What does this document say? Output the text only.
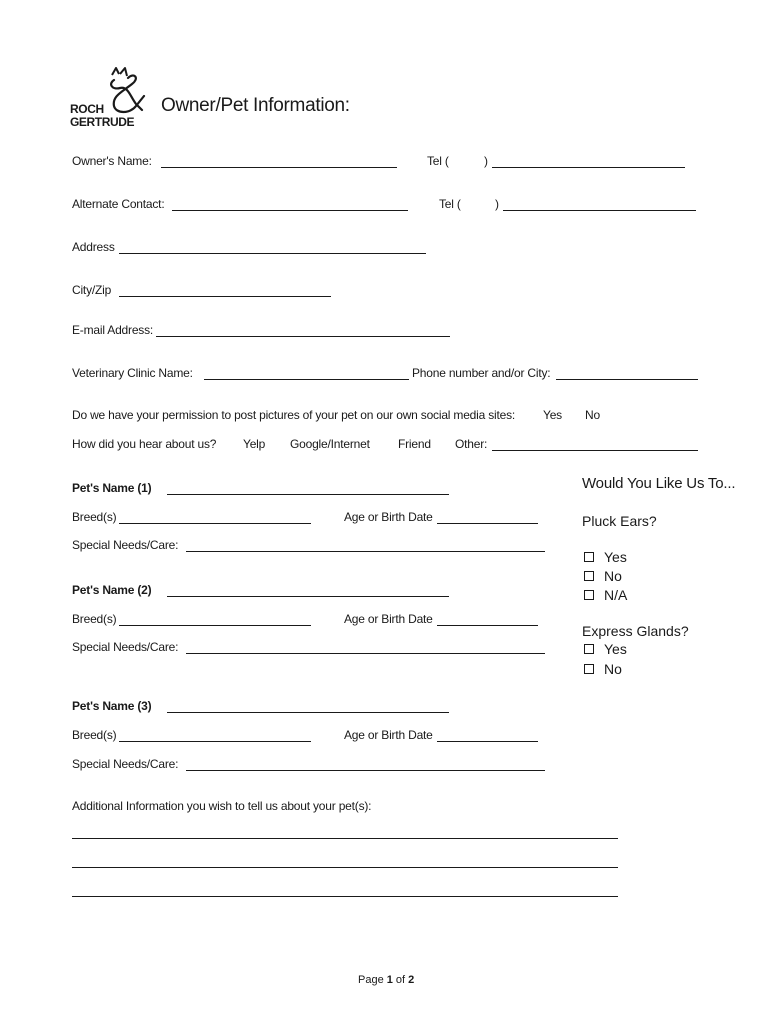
ROCH
GERTRUDE
Owner/Pet Information:
Owner's Name:	Tel (	)
Alternate Contact:	Tel (	)
Address
City/Zip
E-mail Address:
Veterinary Clinic Name:	Phone number and/or City:
Do we have your permission to post pictures of your pet on our own social media sites: Yes No
How did you hear about us? Yelp Google/Internet Friend Other:
Pet's Name (1)
Breed(s)	Age or Birth Date
Special Needs/Care:
Pet's Name (2)
Breed(s)	Age or Birth Date
Special Needs/Care:
Pet's Name (3)
Breed(s)	Age or Birth Date
Special Needs/Care:
Would You Like Us To...
Pluck Ears?
Yes
No
N/A
Express Glands?
Yes
No
Additional Information you wish to tell us about your pet(s):
Page 1 of 2
